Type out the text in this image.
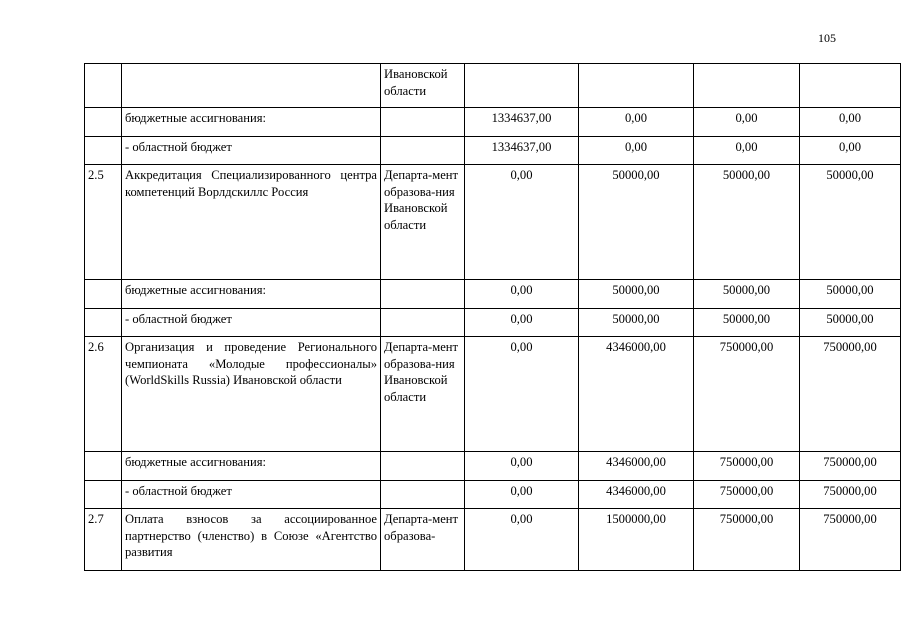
105
		Ивановской области				
	бюджетные ассигнования:		1334637,00	0,00	0,00	0,00
	- областной бюджет		1334637,00	0,00	0,00	0,00
2.5	Аккредитация Специализированного центра компетенций Ворлдскиллс Россия	Департа-мент образова-ния Ивановской области	0,00	50000,00	50000,00	50000,00
	бюджетные ассигнования:		0,00	50000,00	50000,00	50000,00
	- областной бюджет		0,00	50000,00	50000,00	50000,00
2.6	Организация и проведение Регионального чемпионата «Молодые профессионалы» (WorldSkills Russia) Ивановской области	Департа-мент образова-ния Ивановской области	0,00	4346000,00	750000,00	750000,00
	бюджетные ассигнования:		0,00	4346000,00	750000,00	750000,00
	- областной бюджет		0,00	4346000,00	750000,00	750000,00
2.7	Оплата взносов за ассоциированное партнерство (членство) в Союзе «Агентство развития	Департа-мент образова-	0,00	1500000,00	750000,00	750000,00
